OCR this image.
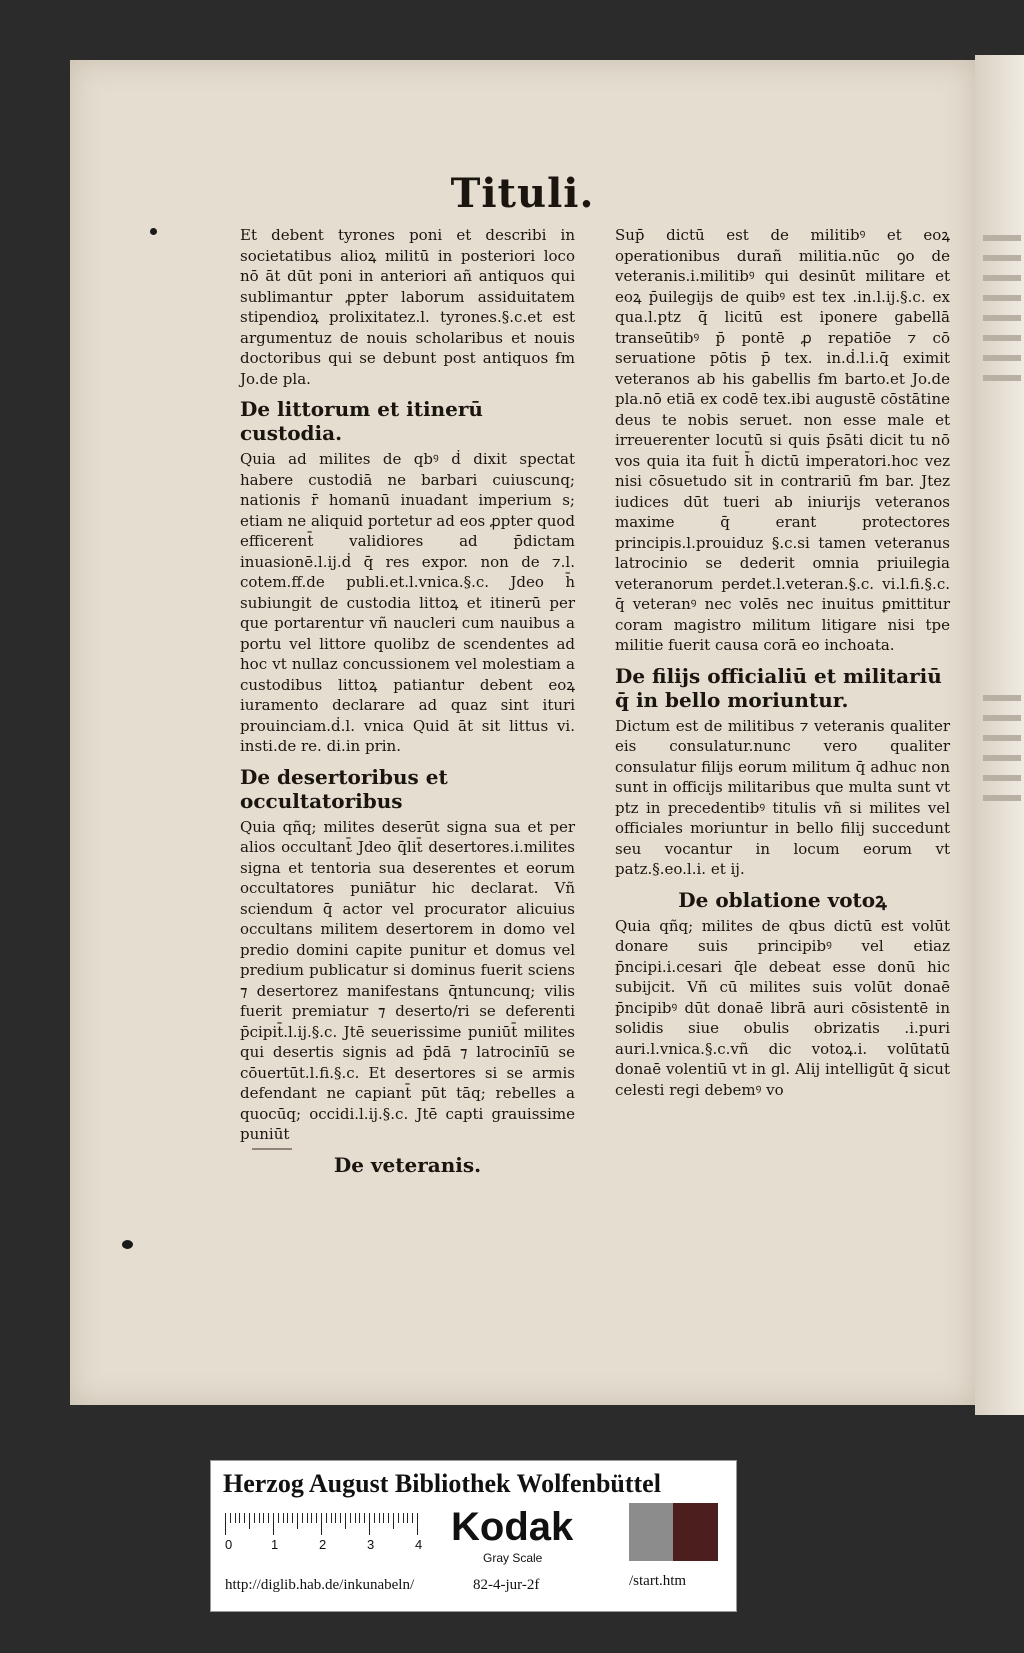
Tituli.

Et debent tyrones poni et describi in societatibus alioꝝ militū in posteriori loco nō āt dūt poni in anteriori añ antiquos qui sublimantur ꝓpter laborum assiduitatem stipendioꝝ prolixitatez.l. tyrones.§.c.et est argumentuz de nouis scholaribus et nouis doctoribus qui se debunt post antiquos ẜm Jo.de pla.

De littorum et itinerū custodia.

Quia ad milites de qbꝰ ḋ dixit spectat habere custodiā ne barbari cuiuscunq; nationis r̄ homanū inuadant imperium s; etiam ne aliquid portetur ad eos ꝓpter quod efficerent̄ validiores ad p̄dictam inuasionē.l.ij.ḋ q̄ res expor. non de ⁊.l. cotem.ff.de publi.et.l.vnica.§.c. Jdeo h̄ subiungit de custodia littoꝝ et itinerū per que portarentur vñ naucleri cum nauibus a portu vel littore quolibz de scendentes ad hoc vt nullaz concussionem vel molestiam a custodibus littoꝝ patiantur debent eoꝝ iuramento declarare ad quaz sint ituri prouinciam.ḋ.l. vnica Quid āt sit littus vi. insti.de re. di.in prin.

De desertoribus et occultatoribus

Quia qñq; milites deserūt signa sua et per alios occultant̄ Jdeo q̄lit̄ desertores.i.milites signa et tentoria sua deserentes et eorum occultatores puniātur hic declarat. Vñ sciendum q̄ actor vel procurator alicuius occultans militem desertorem in domo vel predio domini capite punitur et domus vel predium publicatur si dominus fuerit sciens ⁊ desertorez manifestans q̄ntuncunq; vilis fuerit premiatur ⁊ deserto/ri se deferenti p̄cipit̄.l.ij.§.c. Jtē seuerissime puniūt̄ milites qui desertis signis ad p̄dā ⁊ latrocinīū se cōuertūt.l.fi.§.c. Et desertores si se armis defendant ne capiant̄ pūt tāq; rebelles a quocūq; occidi.l.ij.§.c. Jtē capti grauissime puniūt

De veteranis.

Sup̄ dictū est de militibꝰ et eoꝝ operationibus durañ militia.nūc ꝯo de veteranis.i.militibꝰ qui desinūt militare et eoꝝ p̄uilegijs de quibꝰ est tex .in.l.ij.§.c. ex qua.l.ptz q̄ licitū est iponere gabellā transeūtibꝰ p̄ pontē ꝓ repatiōe ⁊ cō seruatione pōtis p̄ tex. in.ḋ.l.i.q̄ eximit veteranos ab his gabellis ẜm barto.et Jo.de pla.nō etiā ex codē tex.ibi augustē cōstātine deus te nobis seruet. non esse male et irreuerenter locutū si quis p̄sāti dicit tu nō vos quia ita fuit h̄ dictū imperatori.hoc vez nisi cōsuetudo sit in contrariū ẜm bar. Jtez iudices dūt tueri ab iniurijs veteranos maxime q̄ erant protectores principis.l.prouiduz §.c.si tamen veteranus latrocinio se dederit omnia priuilegia veteranorum perdet.l.veteran.§.c. vi.l.fi.§.c. q̄ veteranꝰ nec volēs nec inuitus ꝑmittitur coram magistro militum litigare nisi tpe militie fuerit causa corā eo inchoata.

De filijs officialiū et militariū q̄ in bello moriuntur.

Dictum est de militibus ⁊ veteranis qualiter eis consulatur.nunc vero qualiter consulatur filijs eorum militum q̄ adhuc non sunt in officijs militaribus que multa sunt vt ptz in precedentibꝰ titulis vñ si milites vel officiales moriuntur in bello filij succedunt seu vocantur in locum eorum vt patz.§.eo.l.i. et ij.

De oblatione votoꝝ

Quia qñq; milites de qbus dictū est volūt donare suis principibꝰ vel etiaz p̄ncipi.i.cesari q̄le debeat esse donū hic subijcit. Vñ cū milites suis volūt donaē p̄ncipibꝰ dūt donaē librā auri cōsistentē in solidis siue obulis obrizatis .i.puri auri.l.vnica.§.c.vñ dic votoꝝ.i. volūtatū donaē volentiū vt in gl. Alij intelligūt q̄ sicut celesti regi debemꝰ vo

Herzog August Bibliothek Wolfenbüttel
0	1	2	3	4 Kodak
Gray Scale
http://diglib.hab.de/inkunabeln/	82-4-jur-2f	/start.htm
